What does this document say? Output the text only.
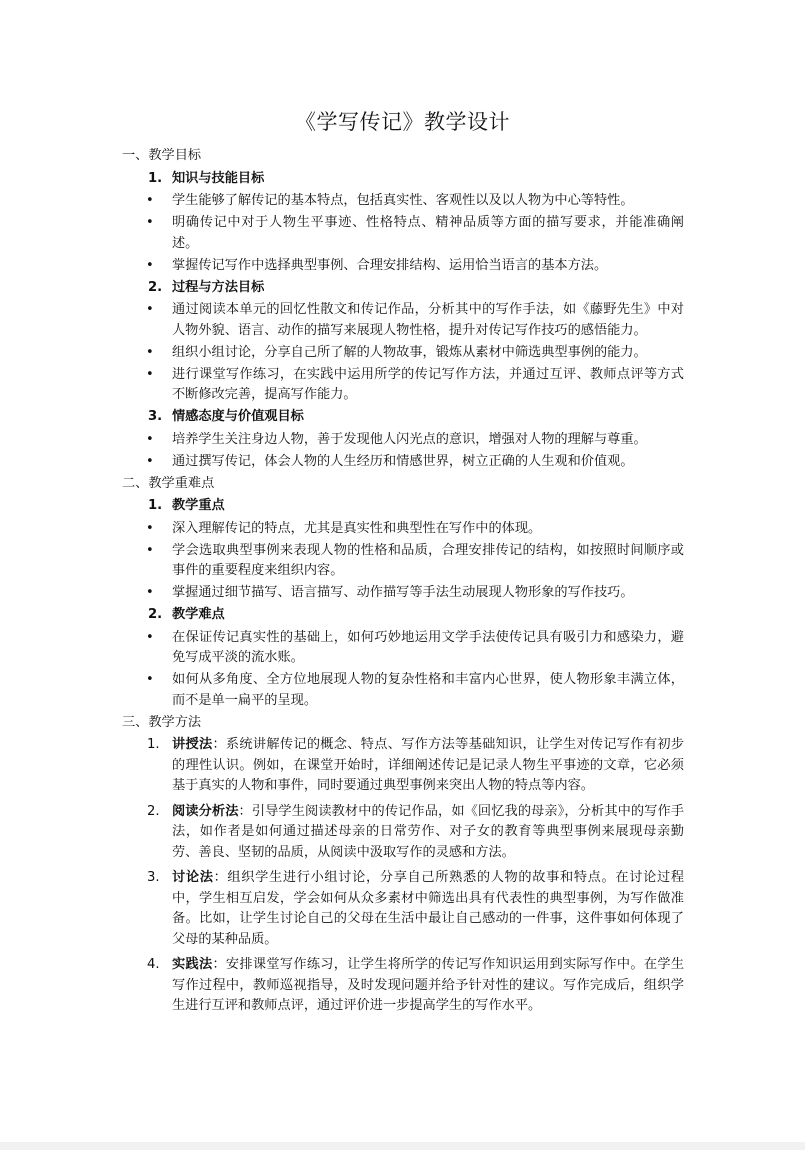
《学写传记》教学设计
一、教学目标
1. 知识与技能目标
• 学生能够了解传记的基本特点，包括真实性、客观性以及以人物为中心等特性。
• 明确传记中对于人物生平事迹、性格特点、精神品质等方面的描写要求，并能准确阐述。
• 掌握传记写作中选择典型事例、合理安排结构、运用恰当语言的基本方法。
2. 过程与方法目标
• 通过阅读本单元的回忆性散文和传记作品，分析其中的写作手法，如《藤野先生》中对人物外貌、语言、动作的描写来展现人物性格，提升对传记写作技巧的感悟能力。
• 组织小组讨论，分享自己所了解的人物故事，锻炼从素材中筛选典型事例的能力。
• 进行课堂写作练习，在实践中运用所学的传记写作方法，并通过互评、教师点评等方式不断修改完善，提高写作能力。
3. 情感态度与价值观目标
• 培养学生关注身边人物，善于发现他人闪光点的意识，增强对人物的理解与尊重。
• 通过撰写传记，体会人物的人生经历和情感世界，树立正确的人生观和价值观。
二、教学重难点
1. 教学重点
• 深入理解传记的特点，尤其是真实性和典型性在写作中的体现。
• 学会选取典型事例来表现人物的性格和品质，合理安排传记的结构，如按照时间顺序或事件的重要程度来组织内容。
• 掌握通过细节描写、语言描写、动作描写等手法生动展现人物形象的写作技巧。
2. 教学难点
• 在保证传记真实性的基础上，如何巧妙地运用文学手法使传记具有吸引力和感染力，避免写成平淡的流水账。
• 如何从多角度、全方位地展现人物的复杂性格和丰富内心世界，使人物形象丰满立体，而不是单一扁平的呈现。
三、教学方法
1. 讲授法：系统讲解传记的概念、特点、写作方法等基础知识，让学生对传记写作有初步的理性认识。例如，在课堂开始时，详细阐述传记是记录人物生平事迹的文章，它必须基于真实的人物和事件，同时要通过典型事例来突出人物的特点等内容。
2. 阅读分析法：引导学生阅读教材中的传记作品，如《回忆我的母亲》，分析其中的写作手法，如作者是如何通过描述母亲的日常劳作、对子女的教育等典型事例来展现母亲勤劳、善良、坚韧的品质，从阅读中汲取写作的灵感和方法。
3. 讨论法：组织学生进行小组讨论，分享自己所熟悉的人物的故事和特点。在讨论过程中，学生相互启发，学会如何从众多素材中筛选出具有代表性的典型事例，为写作做准备。比如，让学生讨论自己的父母在生活中最让自己感动的一件事，这件事如何体现了父母的某种品质。
4. 实践法：安排课堂写作练习，让学生将所学的传记写作知识运用到实际写作中。在学生写作过程中，教师巡视指导，及时发现问题并给予针对性的建议。写作完成后，组织学生进行互评和教师点评，通过评价进一步提高学生的写作水平。
